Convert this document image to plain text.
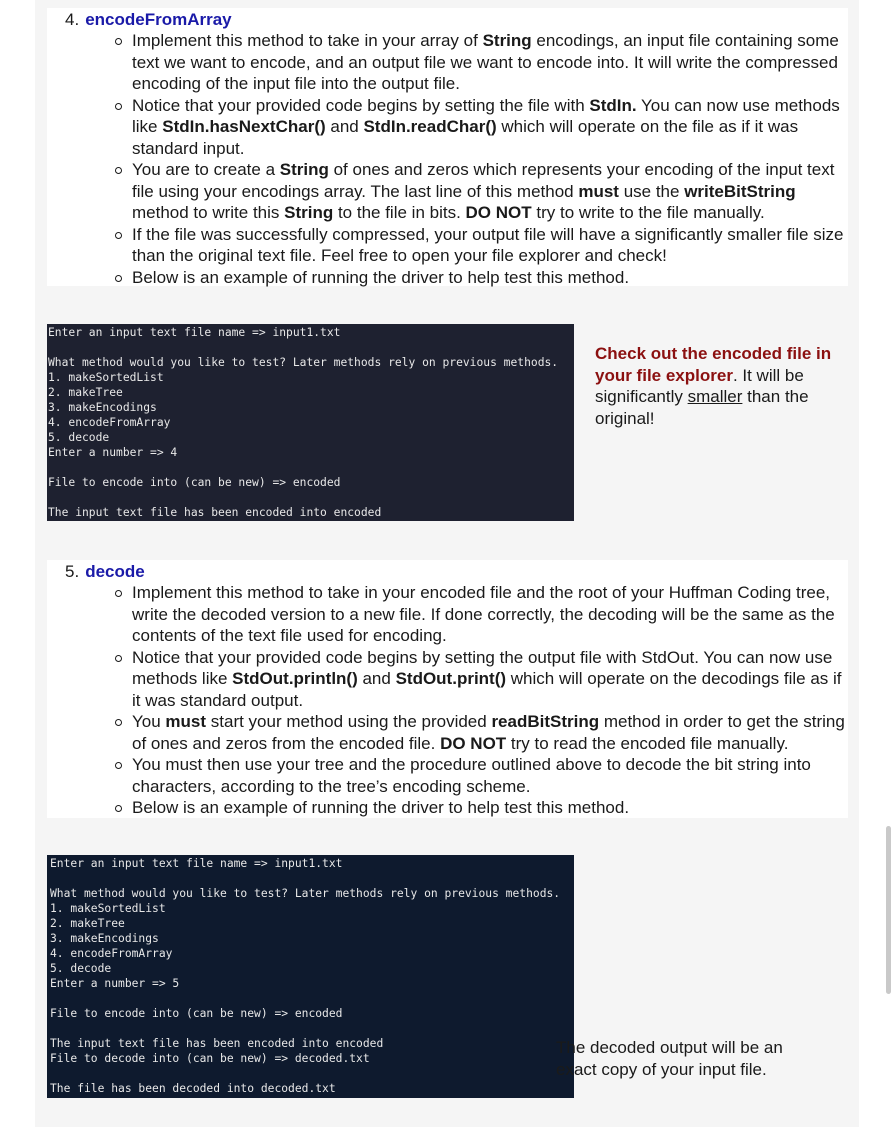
4. encodeFromArray
Implement this method to take in your array of String encodings, an input file containing some text we want to encode, and an output file we want to encode into. It will write the compressed encoding of the input file into the output file.
Notice that your provided code begins by setting the file with StdIn. You can now use methods like StdIn.hasNextChar() and StdIn.readChar() which will operate on the file as if it was standard input.
You are to create a String of ones and zeros which represents your encoding of the input text file using your encodings array. The last line of this method must use the writeBitString method to write this String to the file in bits. DO NOT try to write to the file manually.
If the file was successfully compressed, your output file will have a significantly smaller file size than the original text file. Feel free to open your file explorer and check!
Below is an example of running the driver to help test this method.
Enter an input text file name => input1.txt
What method would you like to test? Later methods rely on previous methods.
1. makeSortedList
2. makeTree
3. makeEncodings
4. encodeFromArray
5. decode
Enter a number => 4
File to encode into (can be new) => encoded
The input text file has been encoded into encoded
Check out the encoded file in your file explorer. It will be significantly smaller than the original!
5. decode
Implement this method to take in your encoded file and the root of your Huffman Coding tree, write the decoded version to a new file. If done correctly, the decoding will be the same as the contents of the text file used for encoding.
Notice that your provided code begins by setting the output file with StdOut. You can now use methods like StdOut.println() and StdOut.print() which will operate on the decodings file as if it was standard output.
You must start your method using the provided readBitString method in order to get the string of ones and zeros from the encoded file. DO NOT try to read the encoded file manually.
You must then use your tree and the procedure outlined above to decode the bit string into characters, according to the tree’s encoding scheme.
Below is an example of running the driver to help test this method.
Enter an input text file name => input1.txt
What method would you like to test? Later methods rely on previous methods.
1. makeSortedList
2. makeTree
3. makeEncodings
4. encodeFromArray
5. decode
Enter a number => 5
File to encode into (can be new) => encoded
The input text file has been encoded into encoded
File to decode into (can be new) => decoded.txt
The file has been decoded into decoded.txt
The decoded output will be an exact copy of your input file.
